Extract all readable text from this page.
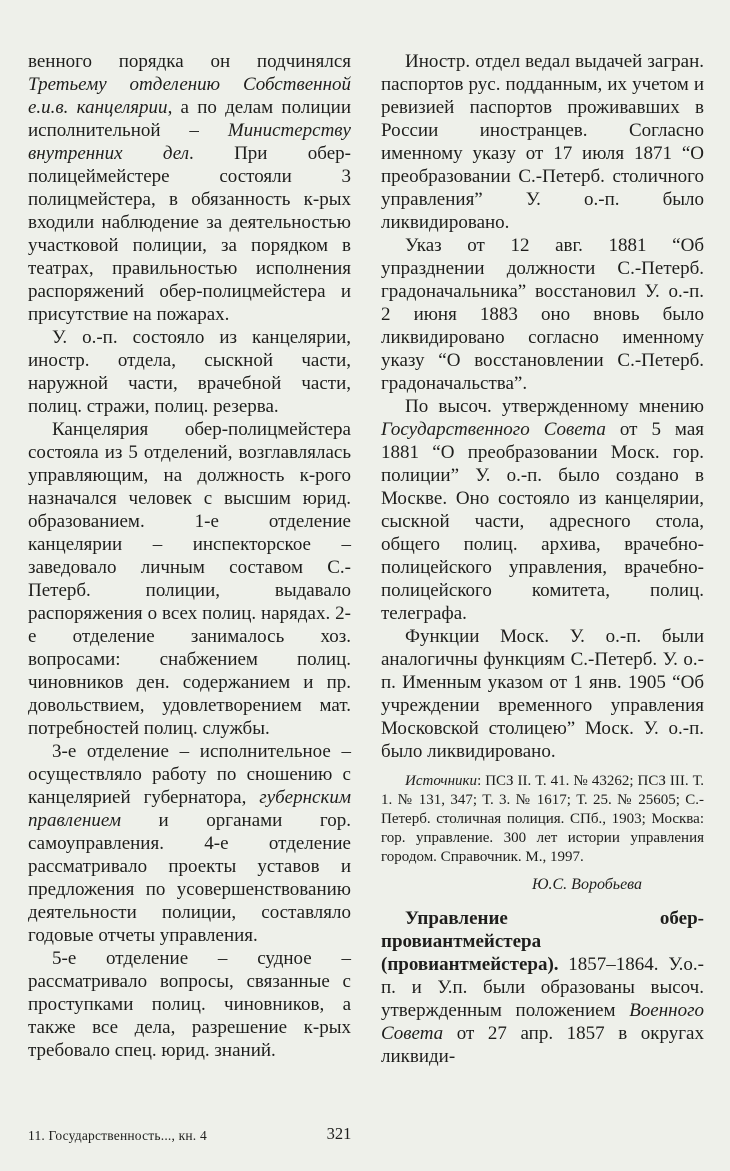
венного порядка он подчинялся Третьему отделению Собственной е.и.в. канцелярии, а по делам полиции исполнительной – Министерству внутренних дел. При обер-полицеймейстере состояли 3 полицмейстера, в обязанность к-рых входили наблюдение за деятельностью участковой полиции, за порядком в театрах, правильностью исполнения распоряжений обер-полицмейстера и присутствие на пожарах.

У. о.-п. состояло из канцелярии, иностр. отдела, сыскной части, наружной части, врачебной части, полиц. стражи, полиц. резерва.

Канцелярия обер-полицмейстера состояла из 5 отделений, возглавлялась управляющим, на должность к-рого назначался человек с высшим юрид. образованием. 1-е отделение канцелярии – инспекторское – заведовало личным составом С.-Петерб. полиции, выдавало распоряжения о всех полиц. нарядах. 2-е отделение занималось хоз. вопросами: снабжением полиц. чиновников ден. содержанием и пр. довольствием, удовлетворением мат. потребностей полиц. службы.

3-е отделение – исполнительное – осуществляло работу по сношению с канцелярией губернатора, губернским правлением и органами гор. самоуправления. 4-е отделение рассматривало проекты уставов и предложения по усовершенствованию деятельности полиции, составляло годовые отчеты управления.

5-е отделение – судное – рассматривало вопросы, связанные с проступками полиц. чиновников, а также все дела, разрешение к-рых требовало спец. юрид. знаний.

Иностр. отдел ведал выдачей загран. паспортов рус. подданным, их учетом и ревизией паспортов проживавших в России иностранцев. Согласно именному указу от 17 июля 1871 “О преобразовании С.-Петерб. столичного управления” У. о.-п. было ликвидировано.

Указ от 12 авг. 1881 “Об упразднении должности С.-Петерб. градоначальника” восстановил У. о.-п. 2 июня 1883 оно вновь было ликвидировано согласно именному указу “О восстановлении С.-Петерб. градоначальства”.

По высоч. утвержденному мнению Государственного Совета от 5 мая 1881 “О преобразовании Моск. гор. полиции” У. о.-п. было создано в Москве. Оно состояло из канцелярии, сыскной части, адресного стола, общего полиц. архива, врачебно-полицейского управления, врачебно-полицейского комитета, полиц. телеграфа.

Функции Моск. У. о.-п. были аналогичны функциям С.-Петерб. У. о.-п. Именным указом от 1 янв. 1905 “Об учреждении временного управления Московской столицею” Моск. У. о.-п. было ликвидировано.

Источники: ПСЗ II. Т. 41. № 43262; ПСЗ III. Т. 1. № 131, 347; Т. 3. № 1617; Т. 25. № 25605; С.-Петерб. столичная полиция. СПб., 1903; Москва: гор. управление. 300 лет истории управления городом. Справочник. М., 1997.

Ю.С. Воробьева

Управление обер-провиантмейстера (провиантмейстера). 1857–1864. У.о.-п. и У.п. были образованы высоч. утвержденным положением Военного Совета от 27 апр. 1857 в округах ликвиди-

321
11. Государственность..., кн. 4
